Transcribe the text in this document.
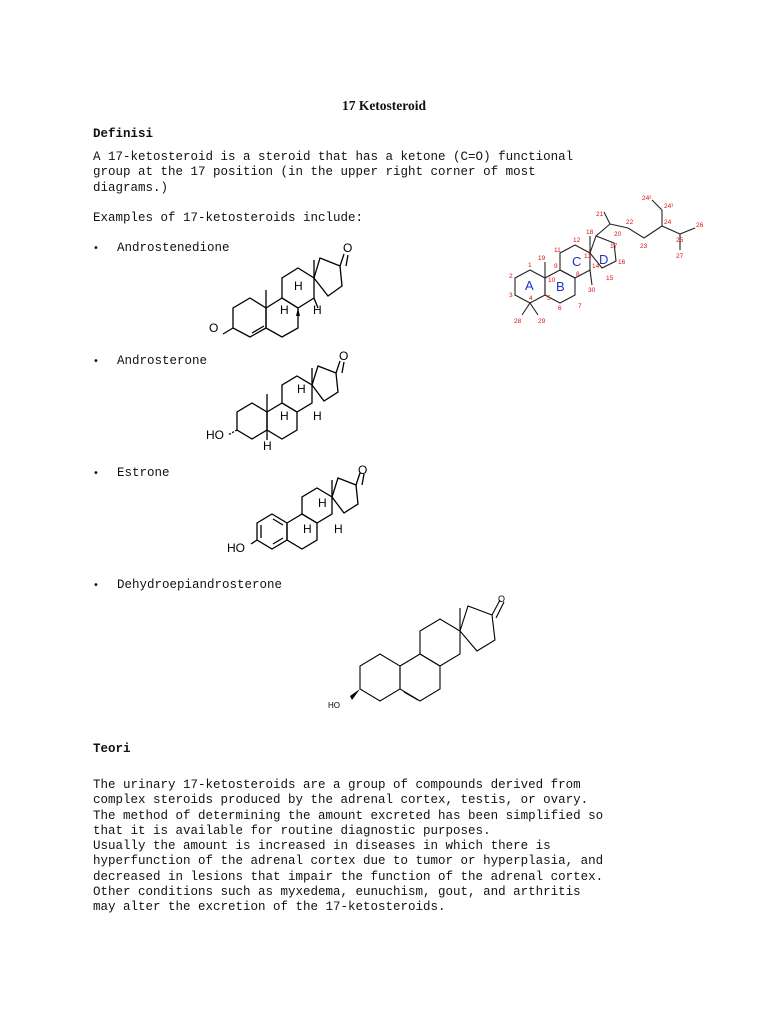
17 Ketosteroid
Definisi
A 17-ketosteroid is a steroid that has a ketone (C=O) functional
group at the 17 position (in the upper right corner of most
diagrams.)
Examples of 17-ketosteroids include:
• Androstenedione
• Androsterone
• Estrone
• Dehydroepiandrosterone
O
O
H
H H
A B
C D
1
2
3	4 5
6	7
8
9
10
11
12
13
14
15
16
17
18
19
20
21
22
23
24
24¹
24²
25
26
27
28	29
30
O
HO
H
H H
H
O
HO
H
H H
O
HO
Teori
The urinary 17-ketosteroids are a group of compounds derived from
complex steroids produced by the adrenal cortex, testis, or ovary.
The method of determining the amount excreted has been simplified so
that it is available for routine diagnostic purposes.
Usually the amount is increased in diseases in which there is
hyperfunction of the adrenal cortex due to tumor or hyperplasia, and
decreased in lesions that impair the function of the adrenal cortex.
Other conditions such as myxedema, eunuchism, gout, and arthritis
may alter the excretion of the 17-ketosteroids.
